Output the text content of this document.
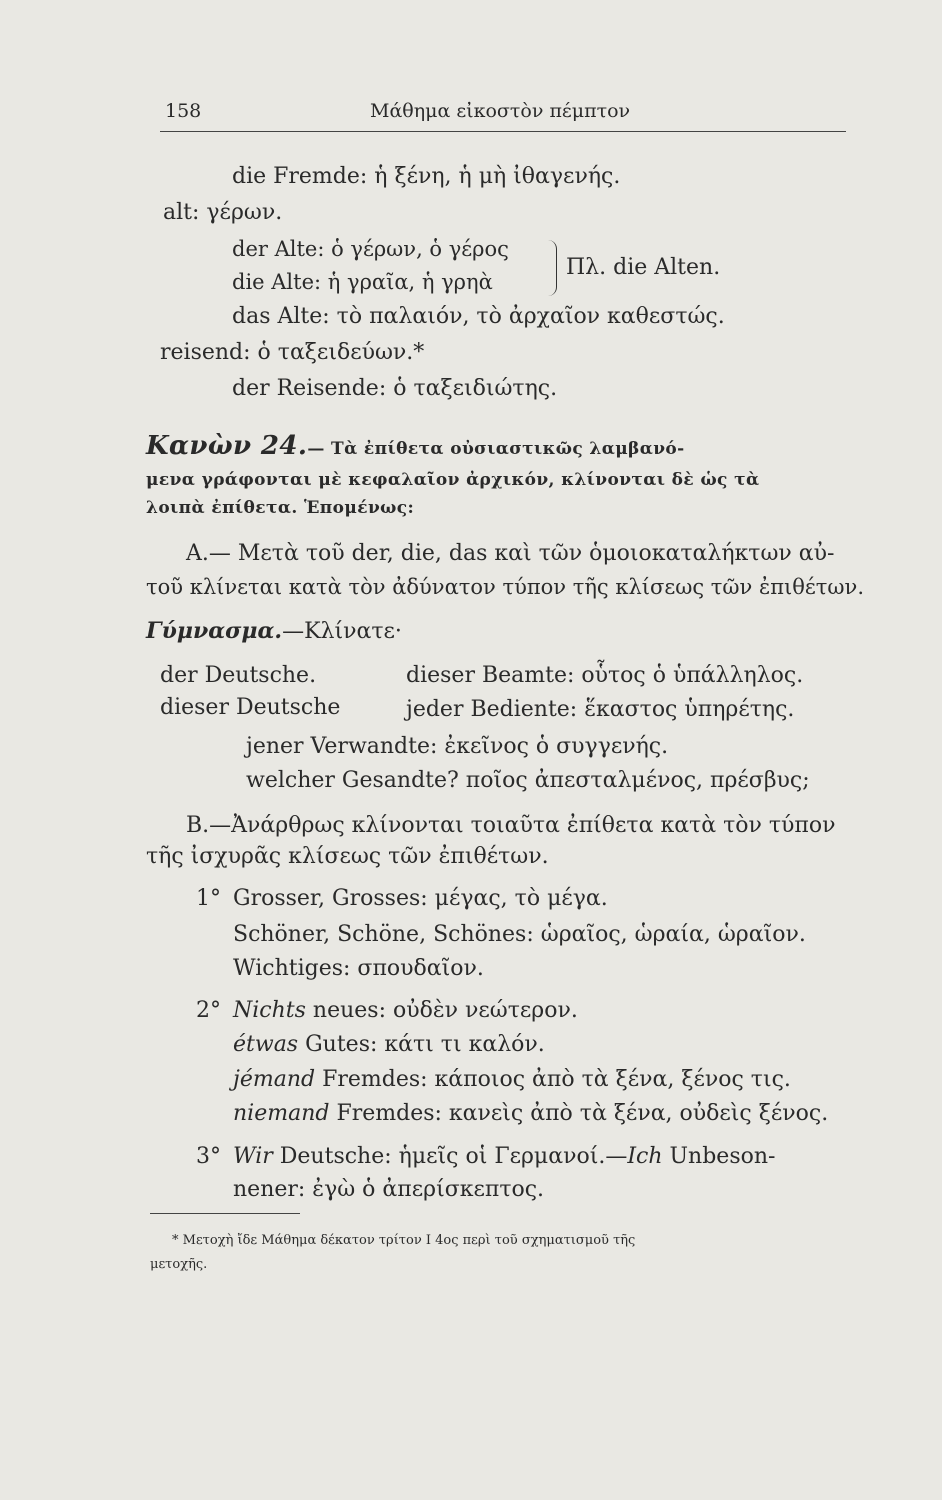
158	Μάθημα εἰκοστὸν πέμπτον
die Fremde: ἡ ξένη, ἡ μὴ ἰθαγενής.
alt: γέρων.
der Alte: ὁ γέρων, ὁ γέρος
die Alte: ἡ γραῖα, ἡ γρηὰ
Πλ. die Alten.
das Alte: τὸ παλαιόν, τὸ ἀρχαῖον καθεστώς.
reisend: ὁ ταξειδεύων.*
der Reisende: ὁ ταξειδιώτης.
Κανὼν 24.— Τὰ ἐπίθετα οὐσιαστικῶς λαμβανό-
μενα γράφονται μὲ κεφαλαῖον ἀρχικόν, κλίνονται δὲ ὡς τὰ
λοιπὰ ἐπίθετα. Ἑπομένως:
A.— Μετὰ τοῦ der, die, das καὶ τῶν ὁμοιοκαταλήκτων αὐ-
τοῦ κλίνεται κατὰ τὸν ἀδύνατον τύπον τῆς κλίσεως τῶν ἐπιθέτων.
Γύμνασμα.—Κλίνατε·
der Deutsche.	dieser Beamte: οὗτος ὁ ὑπάλληλος.
dieser Deutsche	jeder Bediente: ἕκαστος ὑπηρέτης.
jener Verwandte: ἐκεῖνος ὁ συγγενής.
welcher Gesandte? ποῖος ἀπεσταλμένος, πρέσβυς;
B.—Ἀνάρθρως κλίνονται τοιαῦτα ἐπίθετα κατὰ τὸν τύπον
τῆς ἰσχυρᾶς κλίσεως τῶν ἐπιθέτων.
1° Grosser, Grosses: μέγας, τὸ μέγα.
Schöner, Schöne, Schönes: ὡραῖος, ὡραία, ὡραῖον.
Wichtiges: σπουδαῖον.
2° Nichts neues: οὐδὲν νεώτερον.
étwas Gutes: κάτι τι καλόν.
jémand Fremdes: κάποιος ἀπὸ τὰ ξένα, ξένος τις.
niemand Fremdes: κανεὶς ἀπὸ τὰ ξένα, οὐδεὶς ξένος.
3° Wir Deutsche: ἡμεῖς οἱ Γερμανοί.—Ich Unbeson-
nener: ἐγὼ ὁ ἀπερίσκεπτος.
* Μετοχὴ ἴδε Μάθημα δέκατον τρίτον I 4ος περὶ τοῦ σχηματισμοῦ τῆς
μετοχῆς.
